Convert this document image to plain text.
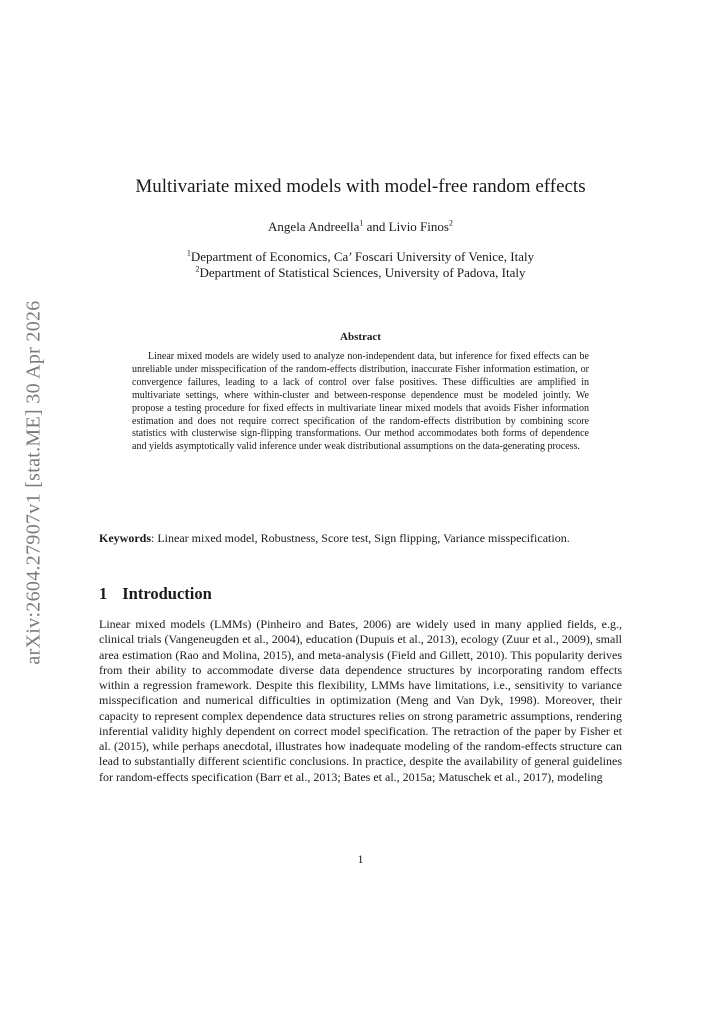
arXiv:2604.27907v1 [stat.ME] 30 Apr 2026
Multivariate mixed models with model-free random effects
Angela Andreella$^1$ and Livio Finos$^2$
$^1$Department of Economics, Ca’ Foscari University of Venice, Italy
$^2$Department of Statistical Sciences, University of Padova, Italy
Abstract

Linear mixed models are widely used to analyze non-independent data, but inference for fixed effects can be unreliable under misspecification of the random-effects distribution, inaccurate Fisher information estimation, or convergence failures, leading to a lack of control over false positives. These difficulties are amplified in multivariate settings, where within-cluster and between-response dependence must be modeled jointly. We propose a testing procedure for fixed effects in multivariate linear mixed models that avoids Fisher information estimation and does not require correct specification of the random-effects distribution by combining score statistics with clusterwise sign-flipping transformations. Our method accommodates both forms of dependence and yields asymptotically valid inference under weak distributional assumptions on the data-generating process.

Keywords: Linear mixed model, Robustness, Score test, Sign flipping, Variance misspecification.

1 Introduction

Linear mixed models (LMMs) (Pinheiro and Bates, 2006) are widely used in many applied fields, e.g., clinical trials (Vangeneugden et al., 2004), education (Dupuis et al., 2013), ecology (Zuur et al., 2009), small area estimation (Rao and Molina, 2015), and meta-analysis (Field and Gillett, 2010). This popularity derives from their ability to accommodate diverse data dependence structures by incorporating random effects within a regression framework. Despite this flexibility, LMMs have limitations, i.e., sensitivity to variance misspecification and numerical difficulties in optimization (Meng and Van Dyk, 1998). Moreover, their capacity to represent complex dependence data structures relies on strong parametric assumptions, rendering inferential validity highly dependent on correct model specification. The retraction of the paper by Fisher et al. (2015), while perhaps anecdotal, illustrates how inadequate modeling of the random-effects structure can lead to substantially different scientific conclusions. In practice, despite the availability of general guidelines for random-effects specification (Barr et al., 2013; Bates et al., 2015a; Matuschek et al., 2017), modeling

1
